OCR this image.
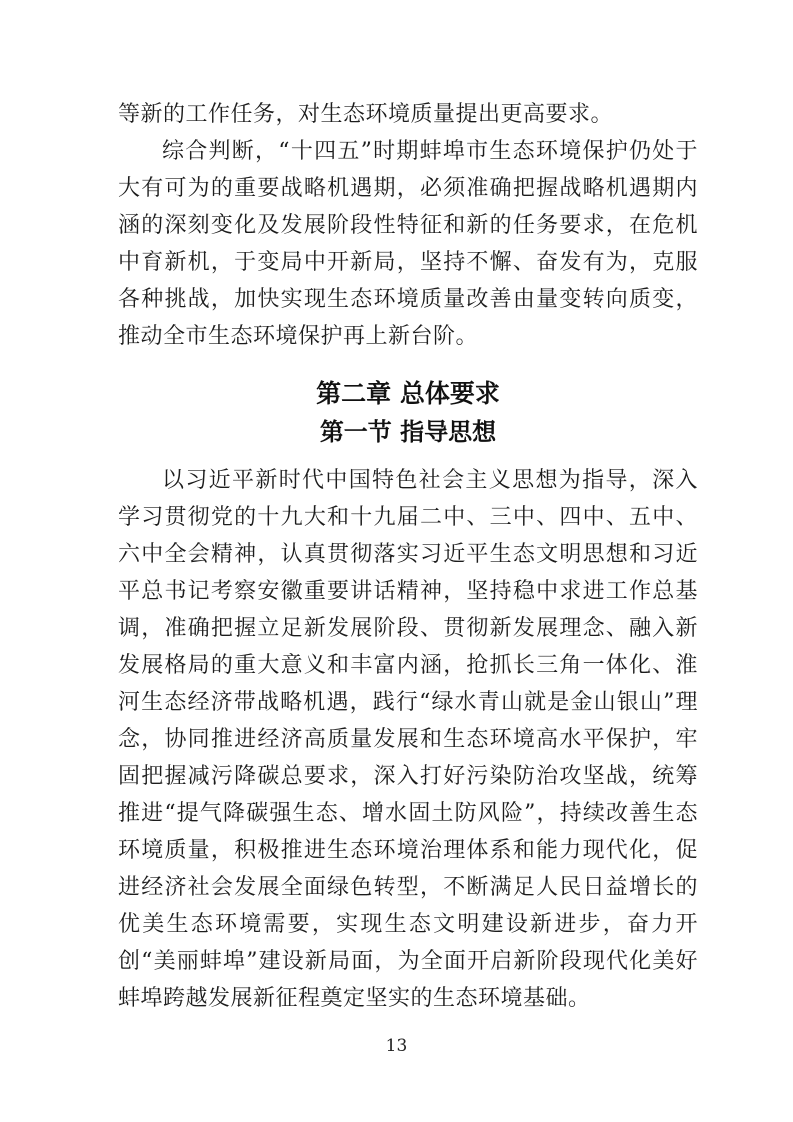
等新的工作任务，对生态环境质量提出更高要求。

综合判断，“十四五”时期蚌埠市生态环境保护仍处于大有可为的重要战略机遇期，必须准确把握战略机遇期内涵的深刻变化及发展阶段性特征和新的任务要求，在危机中育新机，于变局中开新局，坚持不懈、奋发有为，克服各种挑战，加快实现生态环境质量改善由量变转向质变，推动全市生态环境保护再上新台阶。

第二章 总体要求
第一节 指导思想

以习近平新时代中国特色社会主义思想为指导，深入学习贯彻党的十九大和十九届二中、三中、四中、五中、六中全会精神，认真贯彻落实习近平生态文明思想和习近平总书记考察安徽重要讲话精神，坚持稳中求进工作总基调，准确把握立足新发展阶段、贯彻新发展理念、融入新发展格局的重大意义和丰富内涵，抢抓长三角一体化、淮河生态经济带战略机遇，践行“绿水青山就是金山银山”理念，协同推进经济高质量发展和生态环境高水平保护，牢固把握减污降碳总要求，深入打好污染防治攻坚战，统筹推进“提气降碳强生态、增水固土防风险”，持续改善生态环境质量，积极推进生态环境治理体系和能力现代化，促进经济社会发展全面绿色转型，不断满足人民日益增长的优美生态环境需要，实现生态文明建设新进步，奋力开创“美丽蚌埠”建设新局面，为全面开启新阶段现代化美好蚌埠跨越发展新征程奠定坚实的生态环境基础。

13
